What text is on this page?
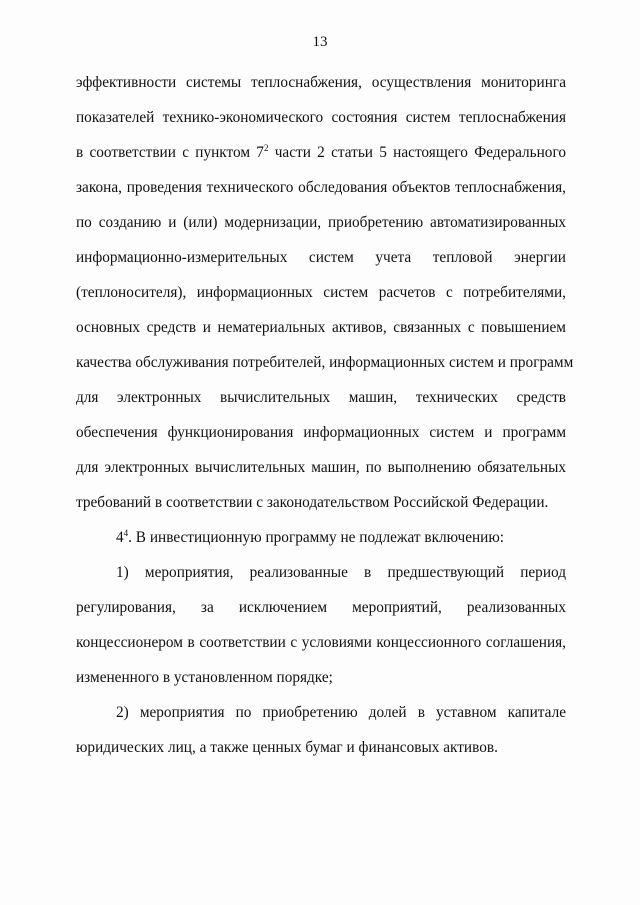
13
эффективности системы теплоснабжения, осуществления мониторинга
показателей технико-экономического состояния систем теплоснабжения
в соответствии с пунктом $7^2$ части 2 статьи 5 настоящего Федерального
закона, проведения технического обследования объектов теплоснабжения,
по созданию и (или) модернизации, приобретению автоматизированных
информационно-измерительных систем учета тепловой энергии
(теплоносителя), информационных систем расчетов с потребителями,
основных средств и нематериальных активов, связанных с повышением
качества обслуживания потребителей, информационных систем и программ
для электронных вычислительных машин, технических средств
обеспечения функционирования информационных систем и программ
для электронных вычислительных машин, по выполнению обязательных
требований в соответствии с законодательством Российской Федерации.
$4^4$. В инвестиционную программу не подлежат включению:
1) мероприятия, реализованные в предшествующий период
регулирования, за исключением мероприятий, реализованных
концессионером в соответствии с условиями концессионного соглашения,
измененного в установленном порядке;
2) мероприятия по приобретению долей в уставном капитале
юридических лиц, а также ценных бумаг и финансовых активов.
